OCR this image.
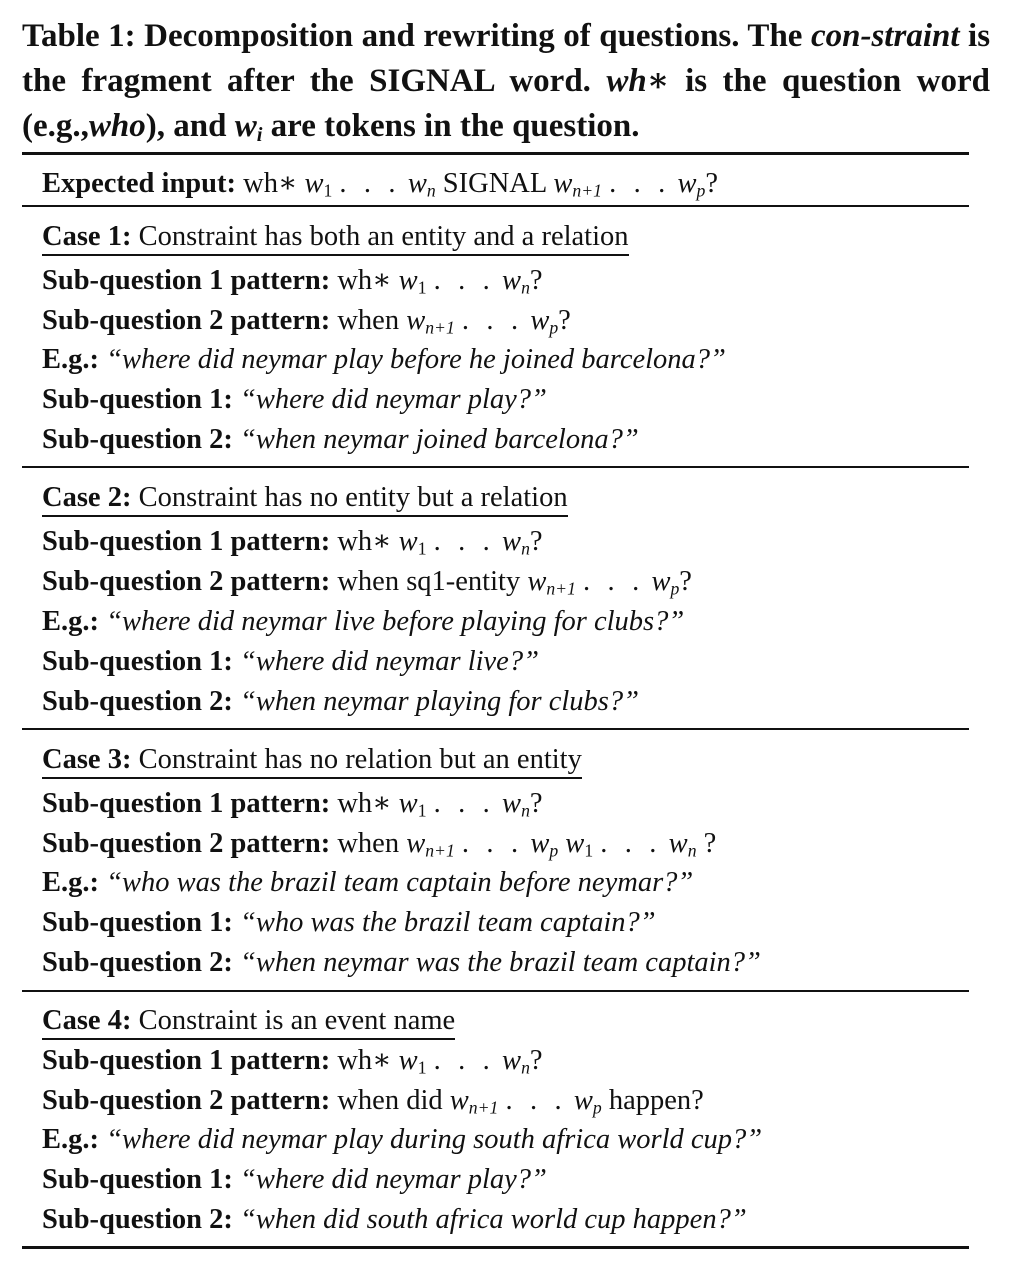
Table 1: Decomposition and rewriting of questions. The con-straint is the fragment after the SIGNAL word. wh∗ is the question word (e.g.,who), and $w_i$ are tokens in the question.
Expected input: wh∗ $w_1$ . . . $w_n$ SIGNAL $w_{n+1}$ . . . $w_p$?
Case 1: Constraint has both an entity and a relation
Sub-question 1 pattern: wh∗ $w_1$ . . . $w_n$?
Sub-question 2 pattern: when $w_{n+1}$ . . . $w_p$?
E.g.: “where did neymar play before he joined barcelona?”
Sub-question 1: “where did neymar play?”
Sub-question 2: “when neymar joined barcelona?”
Case 2: Constraint has no entity but a relation
Sub-question 1 pattern: wh∗ $w_1$ . . . $w_n$?
Sub-question 2 pattern: when sq1-entity $w_{n+1}$ . . . $w_p$?
E.g.: “where did neymar live before playing for clubs?”
Sub-question 1: “where did neymar live?”
Sub-question 2: “when neymar playing for clubs?”
Case 3: Constraint has no relation but an entity
Sub-question 1 pattern: wh∗ $w_1$ . . . $w_n$?
Sub-question 2 pattern: when $w_{n+1}$ . . . $w_p$ $w_1$ . . . $w_n$ ?
E.g.: “who was the brazil team captain before neymar?”
Sub-question 1: “who was the brazil team captain?”
Sub-question 2: “when neymar was the brazil team captain?”
Case 4: Constraint is an event name
Sub-question 1 pattern: wh∗ $w_1$ . . . $w_n$?
Sub-question 2 pattern: when did $w_{n+1}$ . . . $w_p$ happen?
E.g.: “where did neymar play during south africa world cup?”
Sub-question 1: “where did neymar play?”
Sub-question 2: “when did south africa world cup happen?”
